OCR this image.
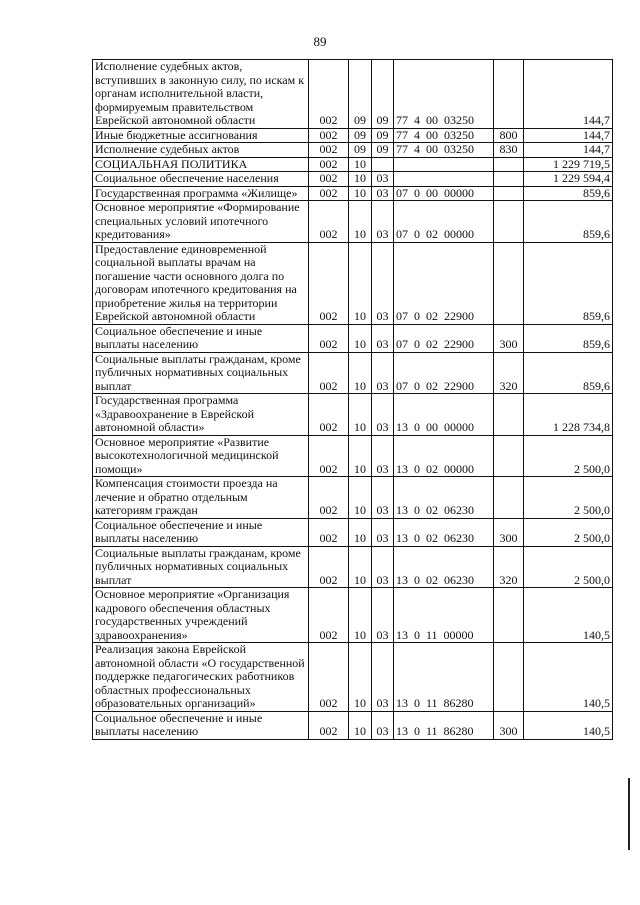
89
Исполнение судебных актов, вступивших в законную силу, по искам к органам исполнительной власти, формируемым правительством Еврейской автономной области	002	09	09	77  4  00  03250		144,7
Иные бюджетные ассигнования	002	09	09	77  4  00  03250	800	144,7
Исполнение судебных актов	002	09	09	77  4  00  03250	830	144,7
СОЦИАЛЬНАЯ ПОЛИТИКА	002	10				1 229 719,5
Социальное обеспечение населения	002	10	03			1 229 594,4
Государственная программа «Жилище»	002	10	03	07  0  00  00000		859,6
Основное мероприятие «Формирование специальных условий ипотечного кредитования»	002	10	03	07  0  02  00000		859,6
Предоставление единовременной социальной выплаты врачам на погашение части основного долга по договорам ипотечного кредитования на приобретение жилья на территории Еврейской автономной области	002	10	03	07  0  02  22900		859,6
Социальное обеспечение и иные выплаты населению	002	10	03	07  0  02  22900	300	859,6
Социальные выплаты гражданам, кроме публичных нормативных социальных выплат	002	10	03	07  0  02  22900	320	859,6
Государственная программа «Здравоохранение в Еврейской автономной области»	002	10	03	13  0  00  00000		1 228 734,8
Основное мероприятие «Развитие высокотехнологичной медицинской помощи»	002	10	03	13  0  02  00000		2 500,0
Компенсация стоимости проезда на лечение и обратно отдельным категориям граждан	002	10	03	13  0  02  06230		2 500,0
Социальное обеспечение и иные выплаты населению	002	10	03	13  0  02  06230	300	2 500,0
Социальные выплаты гражданам, кроме публичных нормативных социальных выплат	002	10	03	13  0  02  06230	320	2 500,0
Основное мероприятие «Организация кадрового обеспечения областных государственных учреждений здравоохранения»	002	10	03	13  0  11  00000		140,5
Реализация закона Еврейской автономной области «О государственной поддержке педагогических работников областных профессиональных образовательных организаций»	002	10	03	13  0  11  86280		140,5
Социальное обеспечение и иные выплаты населению	002	10	03	13  0  11  86280	300	140,5
